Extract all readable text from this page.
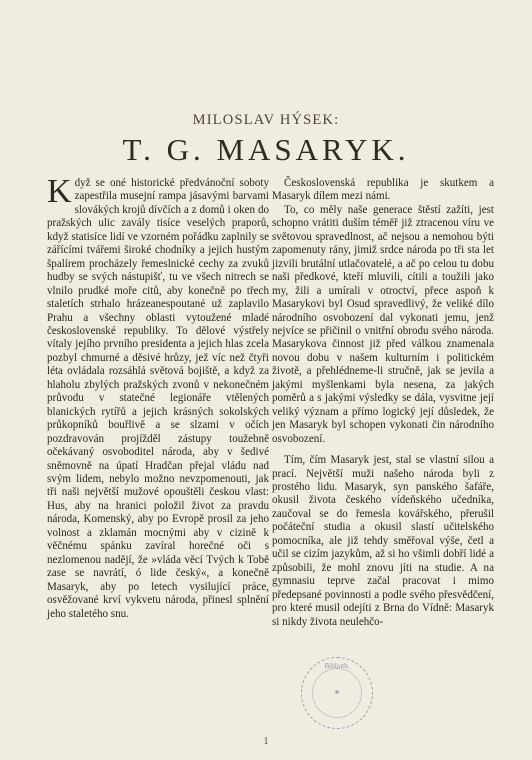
MILOSLAV HÝSEK:
T. G. MASARYK.

Když se oné historické předvánoční sobotу zapestřila musejní rampa jásavými barvami slovákých krojů dívčích a z domů i oken do pražských ulic zavály tisíce veselých praporů, když statisíce lidí ve vzorném pořádku zaplnily se zářícími tvářemi široké chodníky a jejich hustým špalírem procházely řemeslnické cechy za zvuků hudby se svých nástupišť, tu ve všech nitrech se vlnilo prudké moře citů, aby konečně po třech staletích strhalo hrázeanespoutané už zaplavilo Prahu a všechny oblasti vytoužené mladé československé republiky. To dělové výstřely vítaly jejího prvního presidenta a jejich hlas zcela pozbyl chmurné a děsivé hrůzy, jež víc než čtyři léta ovládala rozsáhlá světová bojiště, a když za hlaholu zbylých pražských zvonů v nekonečném průvodu v statečné legionáře vtělených blanických rytířů a jejich krásných sokolských průkopníků bouřlivě a se slzami v očích pozdravován projížděl zástupy toužebně očekávaný osvoboditel národa, aby v šedivé sněmovně na úpatí Hradčan přejal vládu nad svým lidem, nebylo možno nevzpomenouti, jak tři naši největší mužové opouštěli českou vlast: Hus, aby na hranici položil život za pravdu národa, Komenský, aby po Evropě prosil za jeho volnost a zklamán mocnými aby v cizině k věčnému spánku zavíral horečné oči s nezlomenou nadějí, že »vláda věcí Tvých k Tobě zase se navrátí, ó lide český«, a konečně Masaryk, aby po letech vysilující práce, osvěžované krví vykvetu národa, přinesl splnění jeho staletého snu.

Československá republika je skutkem a Masaryk dílem mezi námi.

To, co měly naše generace štěstí zažíti, jest schopno vrátiti duším téměř již ztracenou víru ve světovou spravedlnost, ač nejsou a nemohou býti zapomenuty rány, jimiž srdce národa po tři sta let jizvili brutální utlačovatelé, a ač po celou tu dobu naši předkové, kteří mluvili, cítili a toužili jako my, žili a umírali v otroctví, přece aspoň k Masarykovi byl Osud spravedlivý, že veliké dílo národního osvobození dal vykonati jemu, jenž nejvíce se přičinil o vnitřní obrodu svého národa. Masarykova činnost již před válkou znamenala novou dobu v našem kulturním i politickém životě, a přehlédneme-li stručně, jak se jevila a jakými myšlenkami byla nesena, za jakých poměrů a s jakými výsledky se dála, vysvitne její veliký význam a přímo logický její důsledek, že jen Masaryk byl schopen vykonati čin národního osvobození.

Tím, čím Masaryk jest, stal se vlastní silou a prací. Největší muži našeho národa byli z prostého lidu. Masaryk, syn panského šafáře, okusil života českého vídeňského učedníka, zaučoval se do řemesla kovářského, přerušil počáteční studia a okusil slastí učitelského pomocníka, ale již tehdy směřoval výše, četl a učil se cizím jazykům, až si ho všimli dobří lidé a způsobili, že mohl znovu jíti na studie. A na gymnasiu teprve začal pracovat i mimo předepsané povinnosti a podle svého přesvědčení, pro které musil odejíti z Brna do Vídně: Masaryk si nikdy života neulehčo-

Biblioth.
✶
1
